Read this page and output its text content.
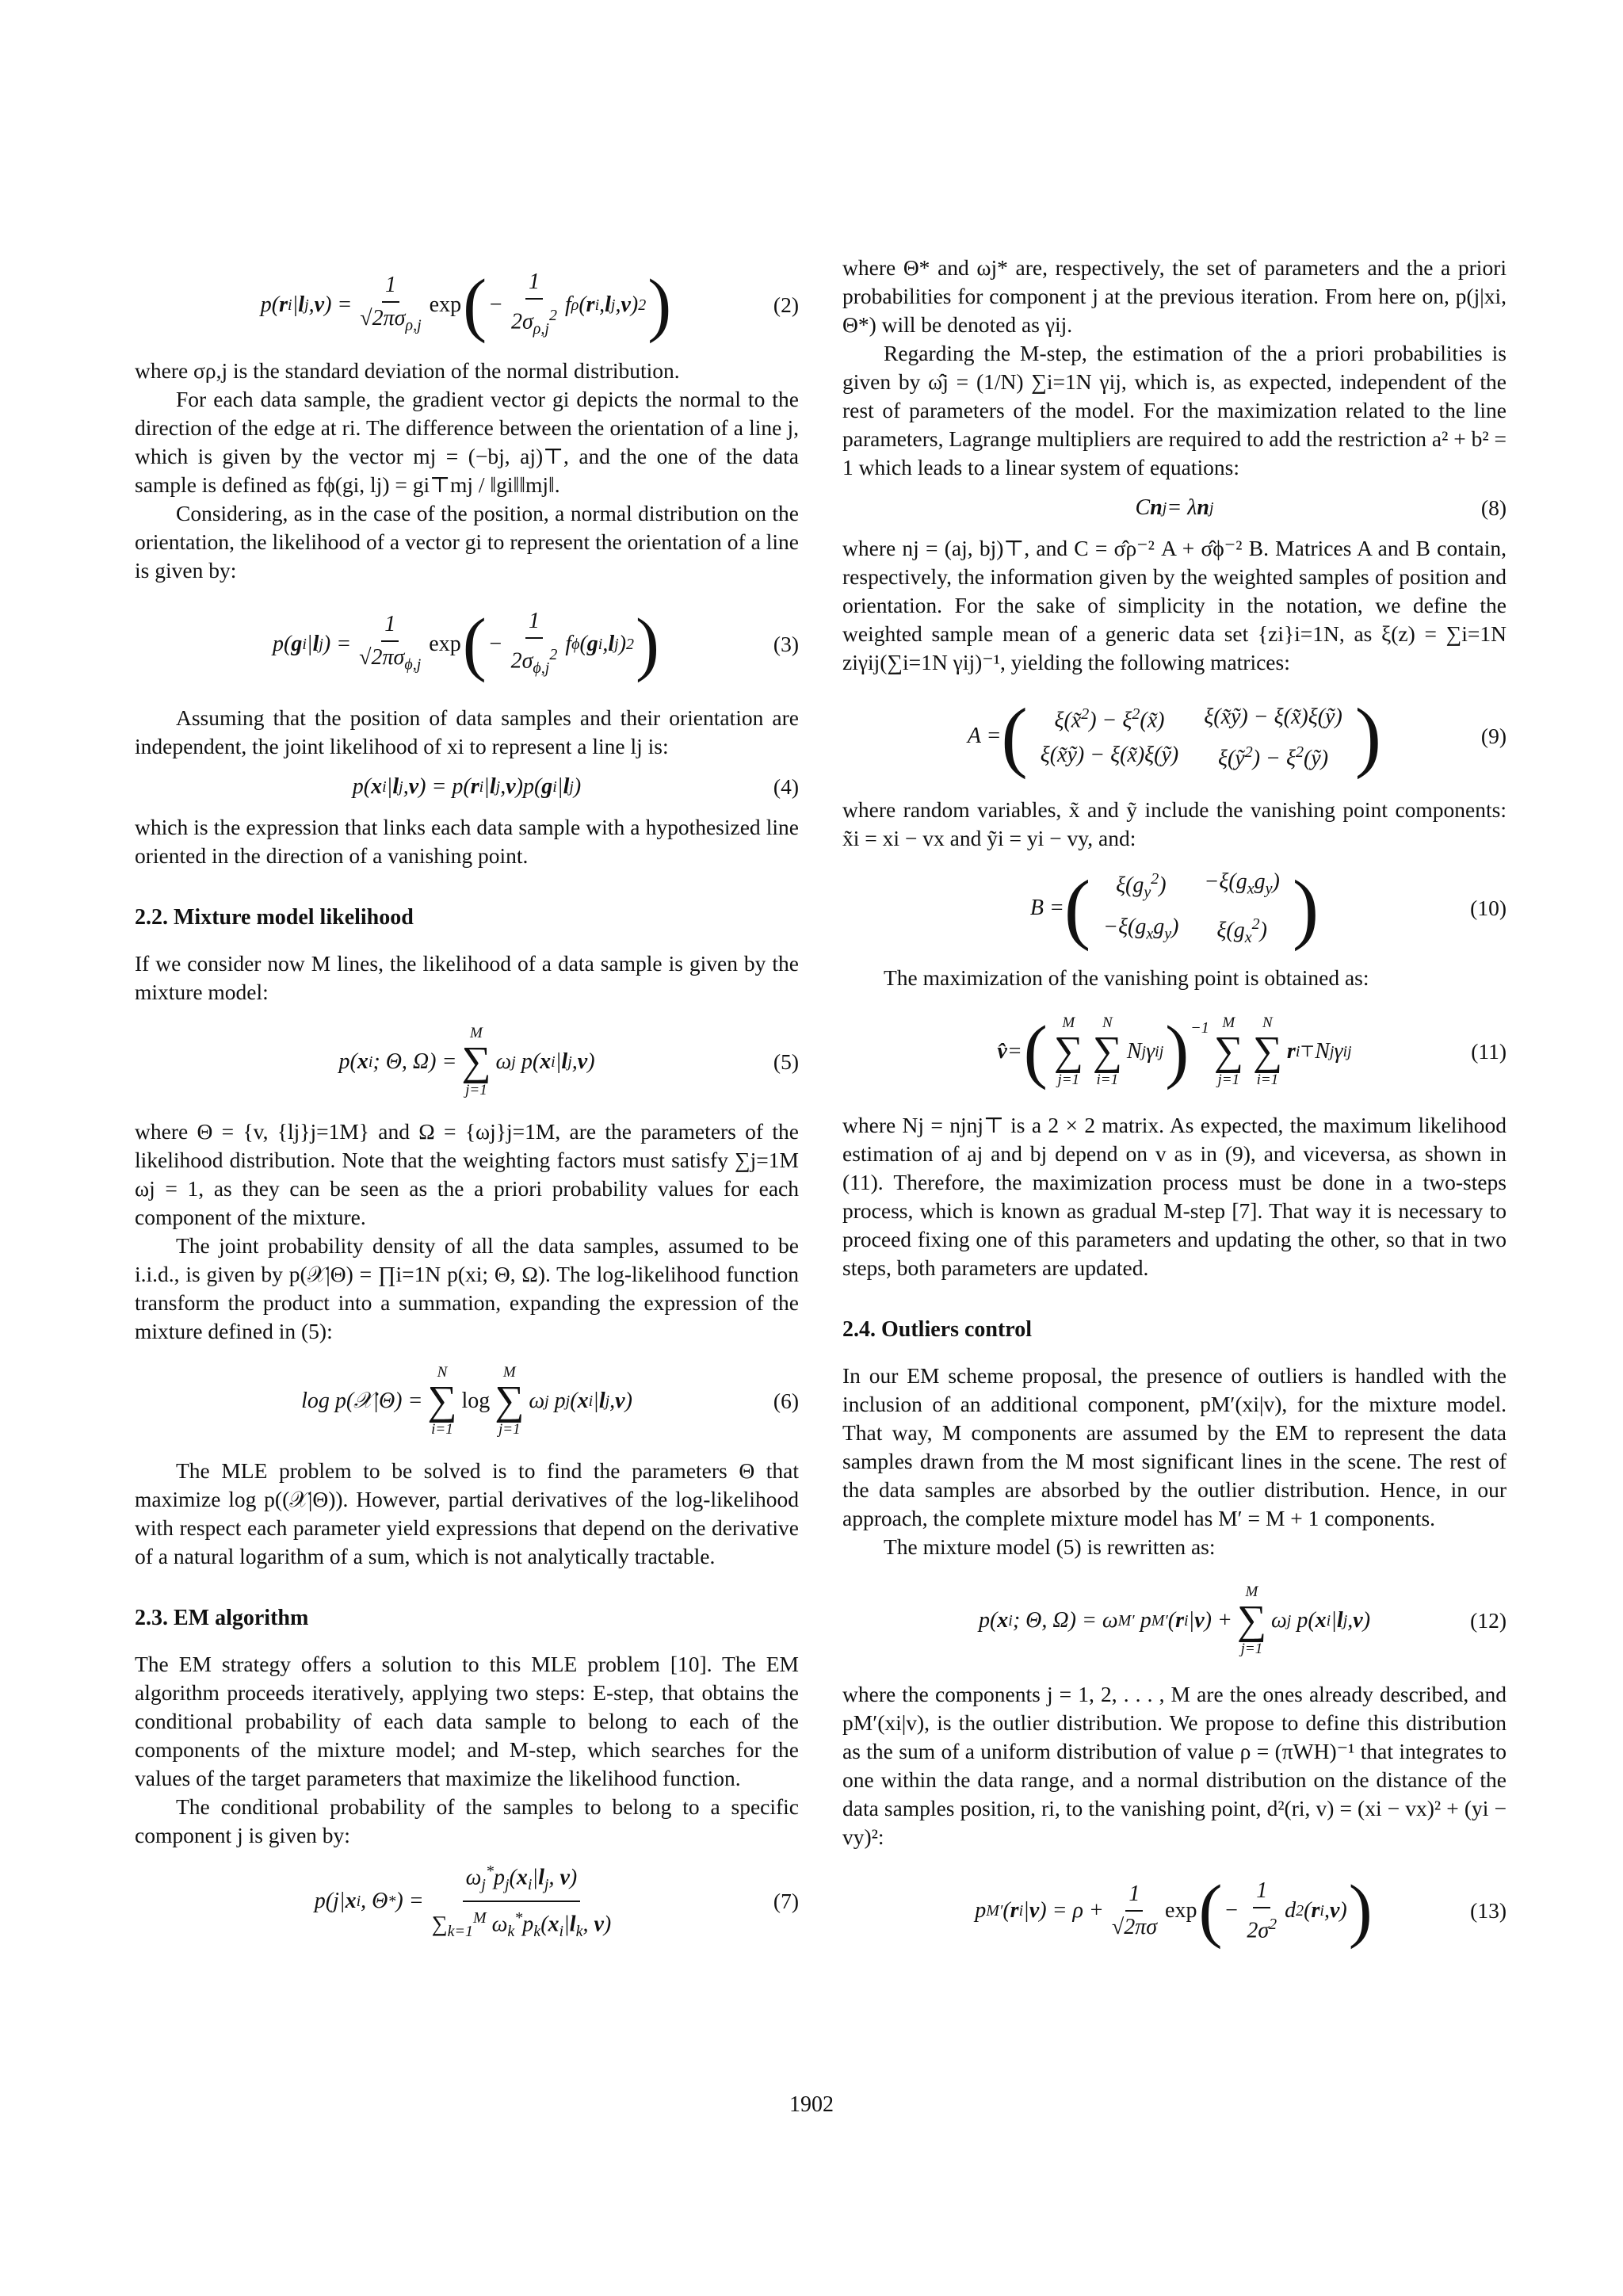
p( r i | l j , v ) = $\frac{1}{√2\pi\sigma_{\rho,j}}$ exp ( − $\frac{1}{2\sigma_{\rho,j}^2}$ f ρ ( r i , l j , v ) 2 )	(2)

where σρ,j is the standard deviation of the normal distribution.

For each data sample, the gradient vector gi depicts the normal to the direction of the edge at ri. The difference between the orientation of a line j, which is given by the vector mj = (−bj, aj)⊤, and the one of the data sample is defined as fϕ(gi, lj) = gi⊤mj / ‖gi‖‖mj‖.

Considering, as in the case of the position, a normal distribution on the orientation, the likelihood of a vector gi to represent the orientation of a line is given by:

p( g i | l j ) = $\frac{1}{√2\pi\sigma_{\phi,j}}$ exp ( − $\frac{1}{2\sigma_{\phi,j}^2}$ f ϕ ( g i , l j ) 2 )	(3)

Assuming that the position of data samples and their orientation are independent, the joint likelihood of xi to represent a line lj is:

p( x i | l j , v ) = p( r i | l j , v )p( g i | l j )	(4)

which is the expression that links each data sample with a hypothesized line oriented in the direction of a vanishing point.

2.2. Mixture model likelihood

If we consider now M lines, the likelihood of a data sample is given by the mixture model:

p( x i ; Θ, Ω) =
M
∑
j=1
ω j p( x i | l j , v )	(5)

where Θ = {v, {lj}j=1M} and Ω = {ωj}j=1M, are the parameters of the likelihood distribution. Note that the weighting factors must satisfy ∑j=1M ωj = 1, as they can be seen as the a priori probability values for each component of the mixture.

The joint probability density of all the data samples, assumed to be i.i.d., is given by p(𝒳|Θ) = ∏i=1N p(xi; Θ, Ω). The log-likelihood function transform the product into a summation, expanding the expression of the mixture defined in (5):

log p(𝒳|Θ) =
N
∑
i=1
log
M
∑
j=1
ω j p j ( x i | l j , v )	(6)

The MLE problem to be solved is to find the parameters Θ that maximize log p((𝒳|Θ)). However, partial derivatives of the log-likelihood with respect each parameter yield expressions that depend on the derivative of a natural logarithm of a sum, which is not analytically tractable.

2.3. EM algorithm

The EM strategy offers a solution to this MLE problem [10]. The EM algorithm proceeds iteratively, applying two steps: E-step, that obtains the conditional probability of each data sample to belong to each of the components of the mixture model; and M-step, which searches for the values of the target parameters that maximize the likelihood function.

The conditional probability of the samples to belong to a specific component j is given by:

p(j| x i , Θ * ) = $\frac{\omega_j^*p_j(x_i|l_j, v)}{\sum_{k=1}^M \omega_k^*p_k(x_i|l_k, v)}$	(7)

where Θ* and ωj* are, respectively, the set of parameters and the a priori probabilities for component j at the previous iteration. From here on, p(j|xi, Θ*) will be denoted as γij.

Regarding the M-step, the estimation of the a priori probabilities is given by ω̂j = (1/N) ∑i=1N γij, which is, as expected, independent of the rest of parameters of the model. For the maximization related to the line parameters, Lagrange multipliers are required to add the restriction a² + b² = 1 which leads to a linear system of equations:

C n j = λ n j	(8)

where nj = (aj, bj)⊤, and C = σ̂ρ⁻² A + σ̂ϕ⁻² B. Matrices A and B contain, respectively, the information given by the weighted samples of position and orientation. For the sake of simplicity in the notation, we define the weighted sample mean of a generic data set {zi}i=1N, as ξ(z) = ∑i=1N ziγij(∑i=1N γij)⁻¹, yielding the following matrices:

A = ( ξ(x̃$^2$) − $\xi^2(x̃)$	ξ(x̃ỹ) − ξ(x̃)ξ(ỹ)
ξ(x̃ỹ) − ξ(x̃)ξ(ỹ)	ξ(ỹ$^2$) − $\xi^2(ỹ)$ )	(9)

where random variables, x̃ and ỹ include the vanishing point components: x̃i = xi − vx and ỹi = yi − vy, and:

B = ( $\xi(g_y^2)$	$-\xi(g_xg_y)$
$-\xi(g_xg_y)$	$\xi(g_x^2)$ )	(10)

The maximization of the vanishing point is obtained as:

v̂ = ( M
∑
j=1
N
∑
i=1
N j γ ij ) −1 M
∑
j=1
N
∑
i=1
r i ⊤ N j γ ij	(11)

where Nj = njnj⊤ is a 2 × 2 matrix. As expected, the maximum likelihood estimation of aj and bj depend on v as in (9), and viceversa, as shown in (11). Therefore, the maximization process must be done in a two-steps process, which is known as gradual M-step [7]. That way it is necessary to proceed fixing one of this parameters and updating the other, so that in two steps, both parameters are updated.

2.4. Outliers control

In our EM scheme proposal, the presence of outliers is handled with the inclusion of an additional component, pM′(xi|v), for the mixture model. That way, M components are assumed by the EM to represent the data samples drawn from the M most significant lines in the scene. The rest of the data samples are absorbed by the outlier distribution. Hence, in our approach, the complete mixture model has M′ = M + 1 components.

The mixture model (5) is rewritten as:

p( x i ; Θ, Ω) = ω M′ p M′ ( r i | v ) +
M
∑
j=1
ω j p( x i | l j , v )	(12)

where the components j = 1, 2, . . . , M are the ones already described, and pM′(xi|v), is the outlier distribution. We propose to define this distribution as the sum of a uniform distribution of value ρ = (πWH)⁻¹ that integrates to one within the data range, and a normal distribution on the distance of the data samples position, ri, to the vanishing point, d²(ri, v) = (xi − vx)² + (yi − vy)²:

p M′ ( r i | v ) = $\rho + \frac{1}{√2\pi\sigma}$ exp ( − $\frac{1}{2\sigma^2}$ d 2 ( r i , v ) )	(13)
1902
